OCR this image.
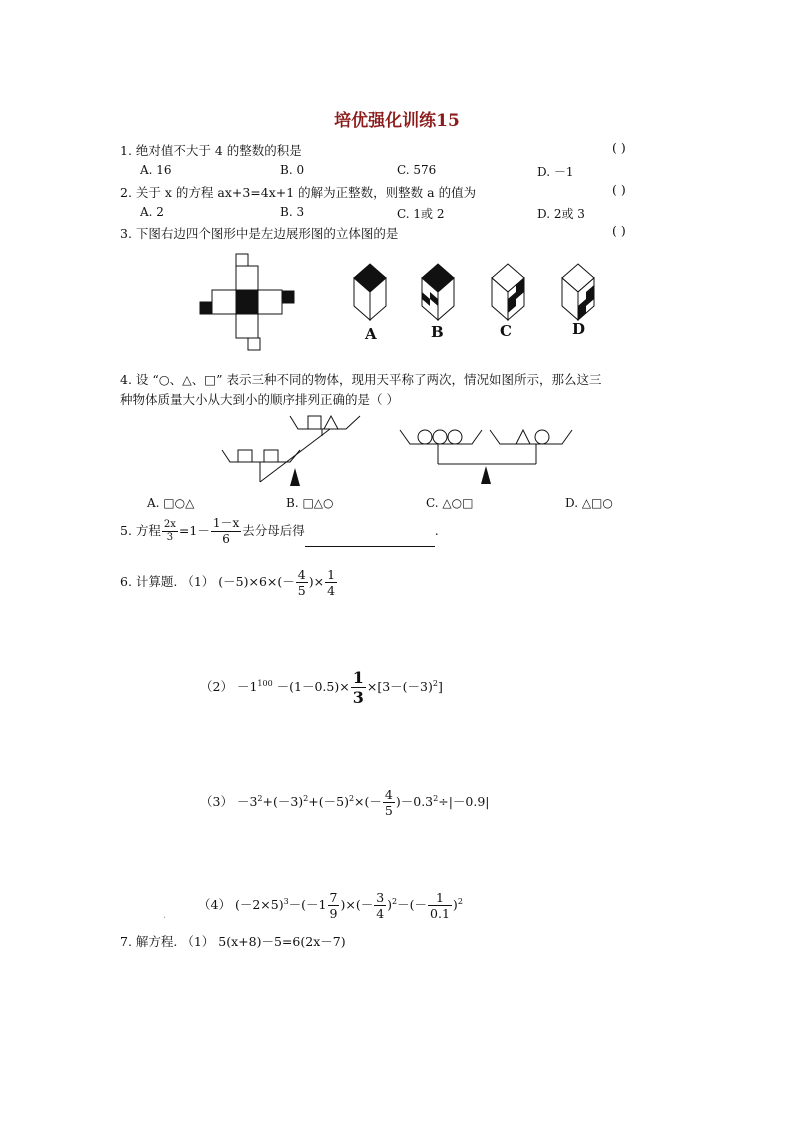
培优强化训练15
1. 绝对值不大于 4 的整数的积是	( )
A. 16	B. 0	C. 576	D. －1
2. 关于 x 的方程 ax+3=4x+1 的解为正整数，则整数 a 的值为	( )
A. 2	B. 3	C. 1或 2	D. 2或 3
3. 下图右边四个图形中是左边展形图的立体图的是	( )
A	B	C	D
4. 设 “○、△、□” 表示三种不同的物体，现用天平称了两次，情况如图所示，那么这三
种物体质量大小从大到小的顺序排列正确的是（ ）
A. □○△	B. □△○	C. △○□	D. △□○
5. 方程 $\frac{2x}{3} =1- \frac{1-x}{6}$ 去分母后得	.
6. 计算题. （1） $(-5)\times 6\times(- \frac{4}{5}$ )× $\frac{1}{4}$
$(2) -1^{100} -(1-0.5)\times \frac{1}{3} \times[3-(-3)^2]$
$(3) -3^2+(-3)^2+(-5)^2\times(- \frac{4}{5} )-0.3^2\div|-0.9|$
.
（4） $(-2\times 5)^3-(-1 \frac{7}{9}$ )×(－ $\frac{3}{4} )^2-(- \frac{1}{0.1} )^2$
7. 解方程. （1） 5(x+8)－5=6(2x－7)
